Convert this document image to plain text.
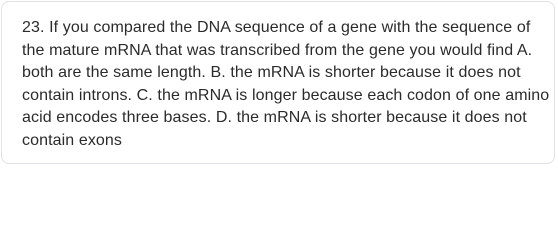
23. If you compared the DNA sequence of a gene with the sequence of the mature mRNA that was transcribed from the gene you would find A. both are the same length. B. the mRNA is shorter because it does not contain introns. C. the mRNA is longer because each codon of one amino acid encodes three bases. D. the mRNA is shorter because it does not contain exons
